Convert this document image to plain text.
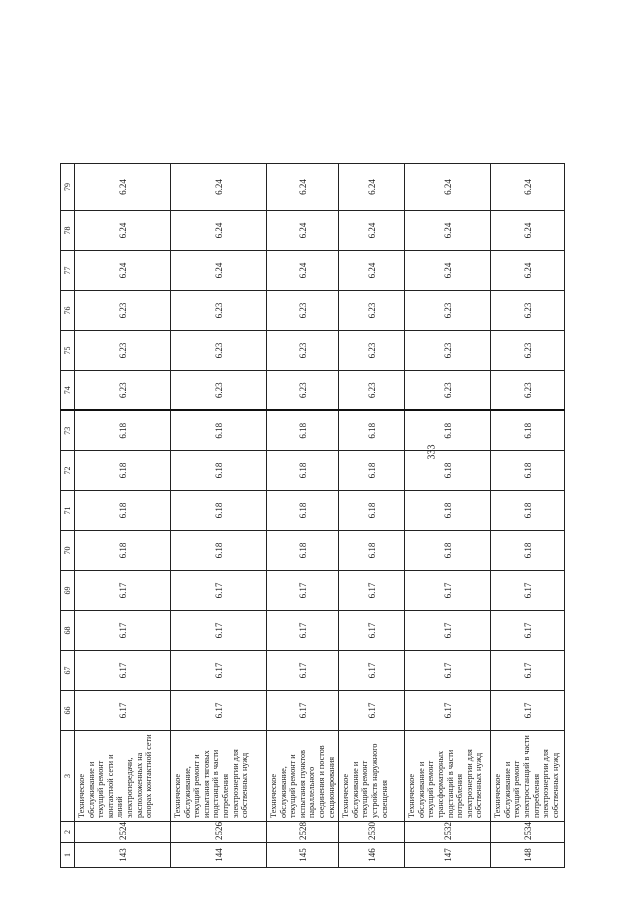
333
1	2	3	66	67	68	69	70	71	72	73	74	75	76	77	78	79
143	2524	Техническое обслуживание и текущий ремонт контактной сети и линий электропередачи, расположенных на опорах контактной сети	6.17	6.17	6.17	6.17	6.18	6.18	6.18	6.18	6.23	6.23	6.23	6.24	6.24	6.24
144	2526	Техническое обслуживание, текущий ремонт и испытания тяговых подстанций в части потребления электроэнергии для собственных нужд	6.17	6.17	6.17	6.17	6.18	6.18	6.18	6.18	6.23	6.23	6.23	6.24	6.24	6.24
145	2528	Техническое обслуживание, текущий ремонт и испытания пунктов параллельного соединения и постов секционирования	6.17	6.17	6.17	6.17	6.18	6.18	6.18	6.18	6.23	6.23	6.23	6.24	6.24	6.24
146	2530	Техническое обслуживание и текущий ремонт устройств наружного освещения	6.17	6.17	6.17	6.17	6.18	6.18	6.18	6.18	6.23	6.23	6.23	6.24	6.24	6.24
147	2532	Техническое обслуживание и текущий ремонт трансформаторных подстанций в части потребления электроэнергии для собственных нужд	6.17	6.17	6.17	6.17	6.18	6.18	6.18	6.18	6.23	6.23	6.23	6.24	6.24	6.24
148	2534	Техническое обслуживание и текущий ремонт электростанций в части потребления электроэнергии для собственных нужд	6.17	6.17	6.17	6.17	6.18	6.18	6.18	6.18	6.23	6.23	6.23	6.24	6.24	6.24
